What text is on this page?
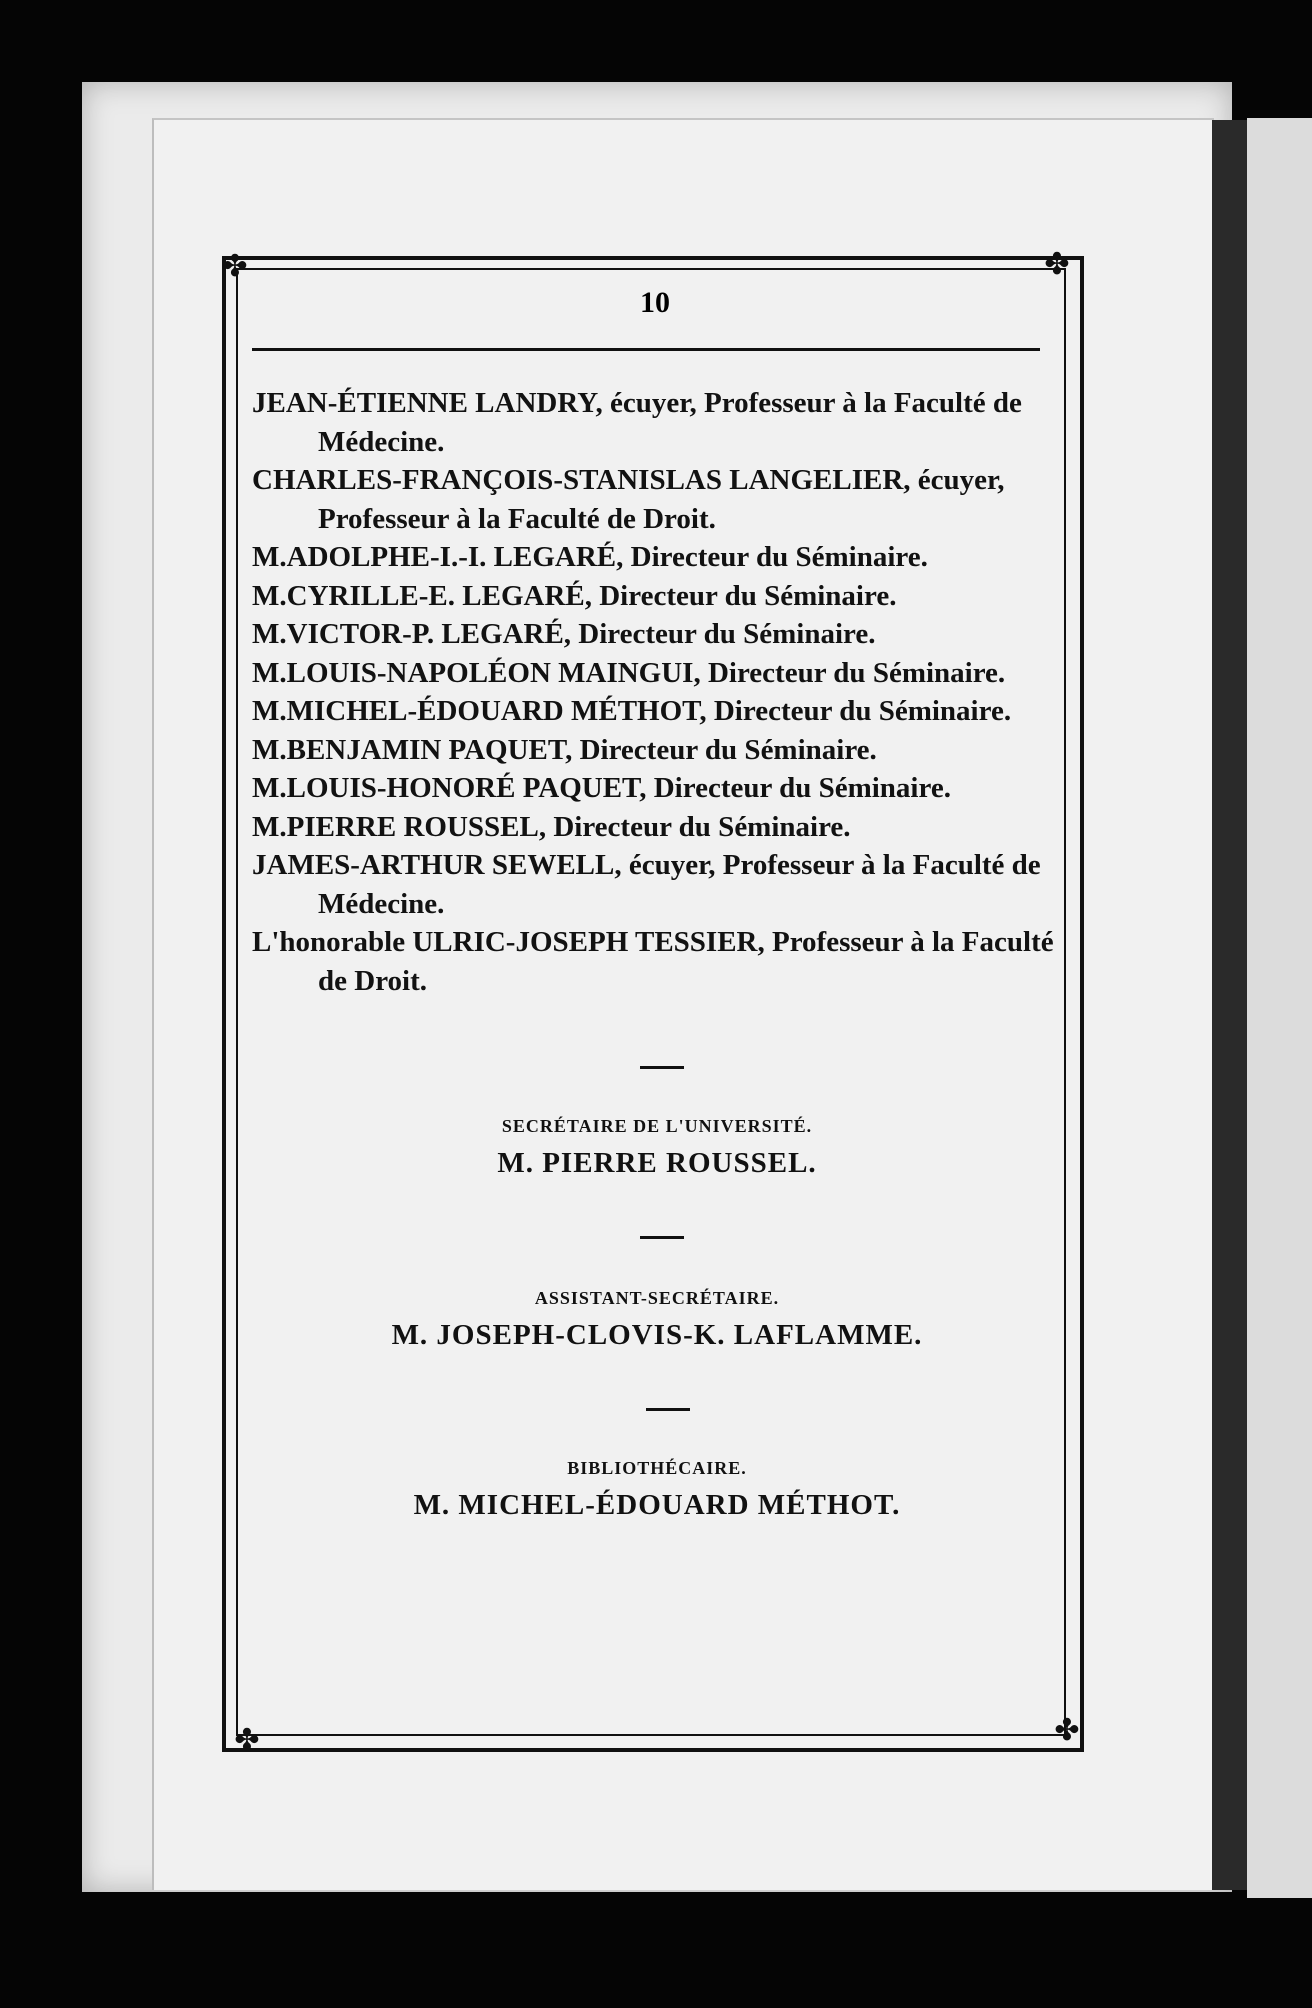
✤	✤
✤	✤
10
JEAN-ÉTIENNE LANDRY, écuyer, Professeur à la Faculté de Médecine.
CHARLES-FRANÇOIS-STANISLAS LANGELIER, écuyer, Professeur à la Faculté de Droit.
M.ADOLPHE-I.-I. LEGARÉ, Directeur du Séminaire.
M.CYRILLE-E. LEGARÉ, Directeur du Séminaire.
M.VICTOR-P. LEGARÉ, Directeur du Séminaire.
M.LOUIS-NAPOLÉON MAINGUI, Directeur du Séminaire.
M.MICHEL-ÉDOUARD MÉTHOT, Directeur du Séminaire.
M.BENJAMIN PAQUET, Directeur du Séminaire.
M.LOUIS-HONORÉ PAQUET, Directeur du Séminaire.
M.PIERRE ROUSSEL, Directeur du Séminaire.
JAMES-ARTHUR SEWELL, écuyer, Professeur à la Faculté de Médecine.
L'honorable ULRIC-JOSEPH TESSIER, Professeur à la Faculté de Droit.
SECRÉTAIRE DE L'UNIVERSITÉ.
M. PIERRE ROUSSEL.
ASSISTANT-SECRÉTAIRE.
M. JOSEPH-CLOVIS-K. LAFLAMME.
BIBLIOTHÉCAIRE.
M. MICHEL-ÉDOUARD MÉTHOT.
